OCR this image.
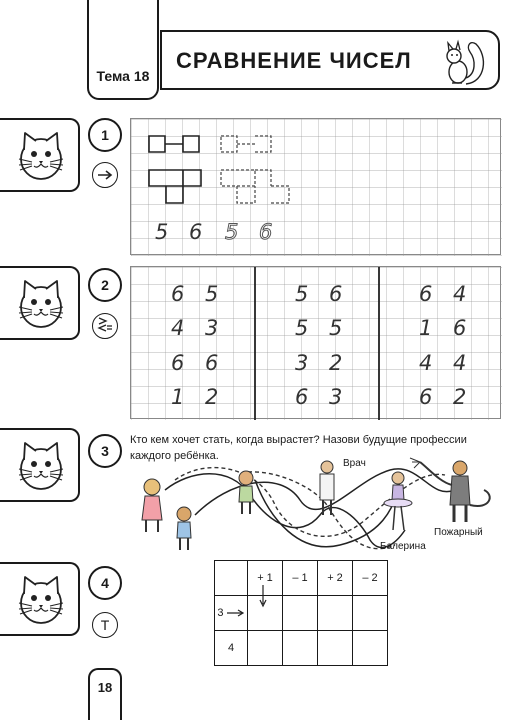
Тема 18
СРАВНЕНИЕ ЧИСЕЛ
1
5 6 5 6
2	6 5
4 3
6 6
1 2
5 6
5 5
3 2
6 3
6 4
1 6
4 4
6 2
3
Кто кем хочет стать, когда вырастет? Назови будущие профессии каждого ребёнка.
Врач
Балерина
Пожарный
4
Т
	+ 1	– 1	+ 2	– 2
3				
4				
18
